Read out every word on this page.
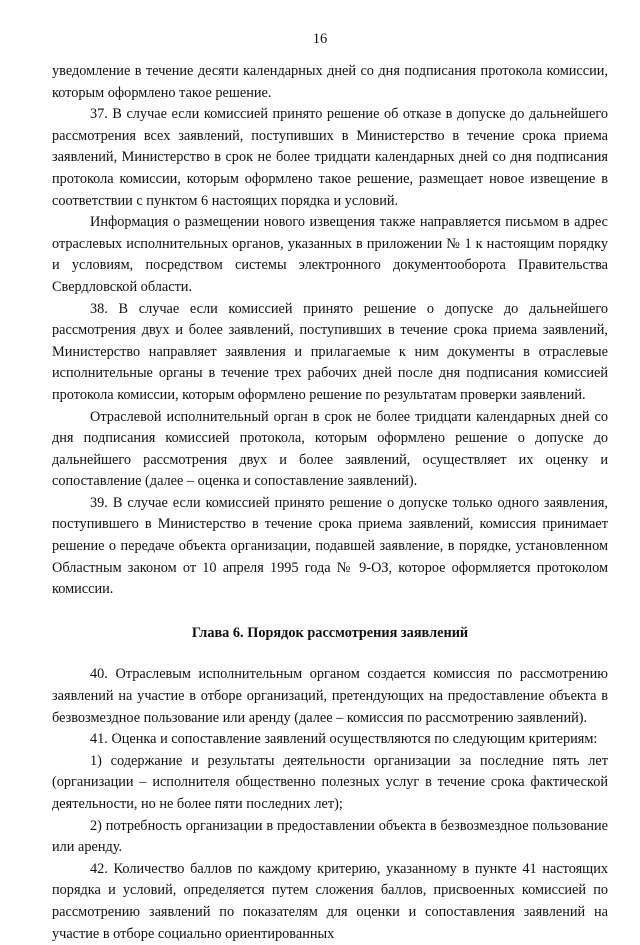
16

уведомление в течение десяти календарных дней со дня подписания протокола комиссии, которым оформлено такое решение.

37. В случае если комиссией принято решение об отказе в допуске до дальнейшего рассмотрения всех заявлений, поступивших в Министерство в течение срока приема заявлений, Министерство в срок не более тридцати календарных дней со дня подписания протокола комиссии, которым оформлено такое решение, размещает новое извещение в соответствии с пунктом 6 настоящих порядка и условий.

Информация о размещении нового извещения также направляется письмом в адрес отраслевых исполнительных органов, указанных в приложении № 1 к настоящим порядку и условиям, посредством системы электронного документооборота Правительства Свердловской области.

38. В случае если комиссией принято решение о допуске до дальнейшего рассмотрения двух и более заявлений, поступивших в течение срока приема заявлений, Министерство направляет заявления и прилагаемые к ним документы в отраслевые исполнительные органы в течение трех рабочих дней после дня подписания комиссией протокола комиссии, которым оформлено решение по результатам проверки заявлений.

Отраслевой исполнительный орган в срок не более тридцати календарных дней со дня подписания комиссией протокола, которым оформлено решение о допуске до дальнейшего рассмотрения двух и более заявлений, осуществляет их оценку и сопоставление (далее – оценка и сопоставление заявлений).

39. В случае если комиссией принято решение о допуске только одного заявления, поступившего в Министерство в течение срока приема заявлений, комиссия принимает решение о передаче объекта организации, подавшей заявление, в порядке, установленном Областным законом от 10 апреля 1995 года № 9-ОЗ, которое оформляется протоколом комиссии.

Глава 6. Порядок рассмотрения заявлений

40. Отраслевым исполнительным органом создается комиссия по рассмотрению заявлений на участие в отборе организаций, претендующих на предоставление объекта в безвозмездное пользование или аренду (далее – комиссия по рассмотрению заявлений).

41. Оценка и сопоставление заявлений осуществляются по следующим критериям:

1) содержание и результаты деятельности организации за последние пять лет (организации – исполнителя общественно полезных услуг в течение срока фактической деятельности, но не более пяти последних лет);

2) потребность организации в предоставлении объекта в безвозмездное пользование или аренду.

42. Количество баллов по каждому критерию, указанному в пункте 41 настоящих порядка и условий, определяется путем сложения баллов, присвоенных комиссией по рассмотрению заявлений по показателям для оценки и сопоставления заявлений на участие в отборе социально ориентированных
